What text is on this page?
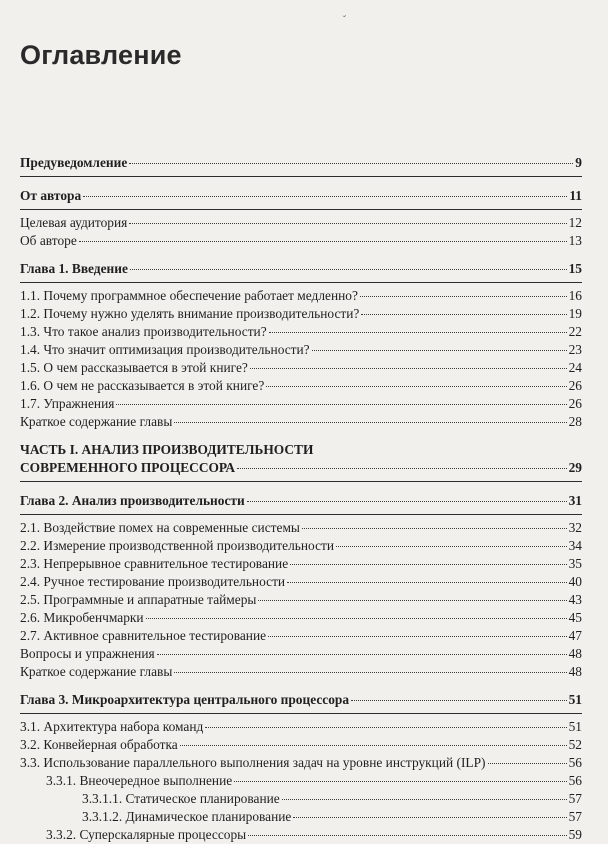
Оглавление
ˇ
Предуведомление	9
От автора	11
Целевая аудитория	12
Об авторе	13
Глава 1. Введение	15
1.1. Почему программное обеспечение работает медленно?	16
1.2. Почему нужно уделять внимание производительности?	19
1.3. Что такое анализ производительности?	22
1.4. Что значит оптимизация производительности?	23
1.5. О чем рассказывается в этой книге?	24
1.6. О чем не рассказывается в этой книге?	26
1.7. Упражнения	26
Краткое содержание главы	28
ЧАСТЬ I. АНАЛИЗ ПРОИЗВОДИТЕЛЬНОСТИ
СОВРЕМЕННОГО ПРОЦЕССОРА	29
Глава 2. Анализ производительности	31
2.1. Воздействие помех на современные системы	32
2.2. Измерение производственной производительности	34
2.3. Непрерывное сравнительное тестирование	35
2.4. Ручное тестирование производительности	40
2.5. Программные и аппаратные таймеры	43
2.6. Микробенчмарки	45
2.7. Активное сравнительное тестирование	47
Вопросы и упражнения	48
Краткое содержание главы	48
Глава 3. Микроархитектура центрального процессора	51
3.1. Архитектура набора команд	51
3.2. Конвейерная обработка	52
3.3. Использование параллельного выполнения задач на уровне инструкций (ILP)	56
3.3.1. Внеочередное выполнение	56
3.3.1.1. Статическое планирование	57
3.3.1.2. Динамическое планирование	57
3.3.2. Суперскалярные процессоры	59
